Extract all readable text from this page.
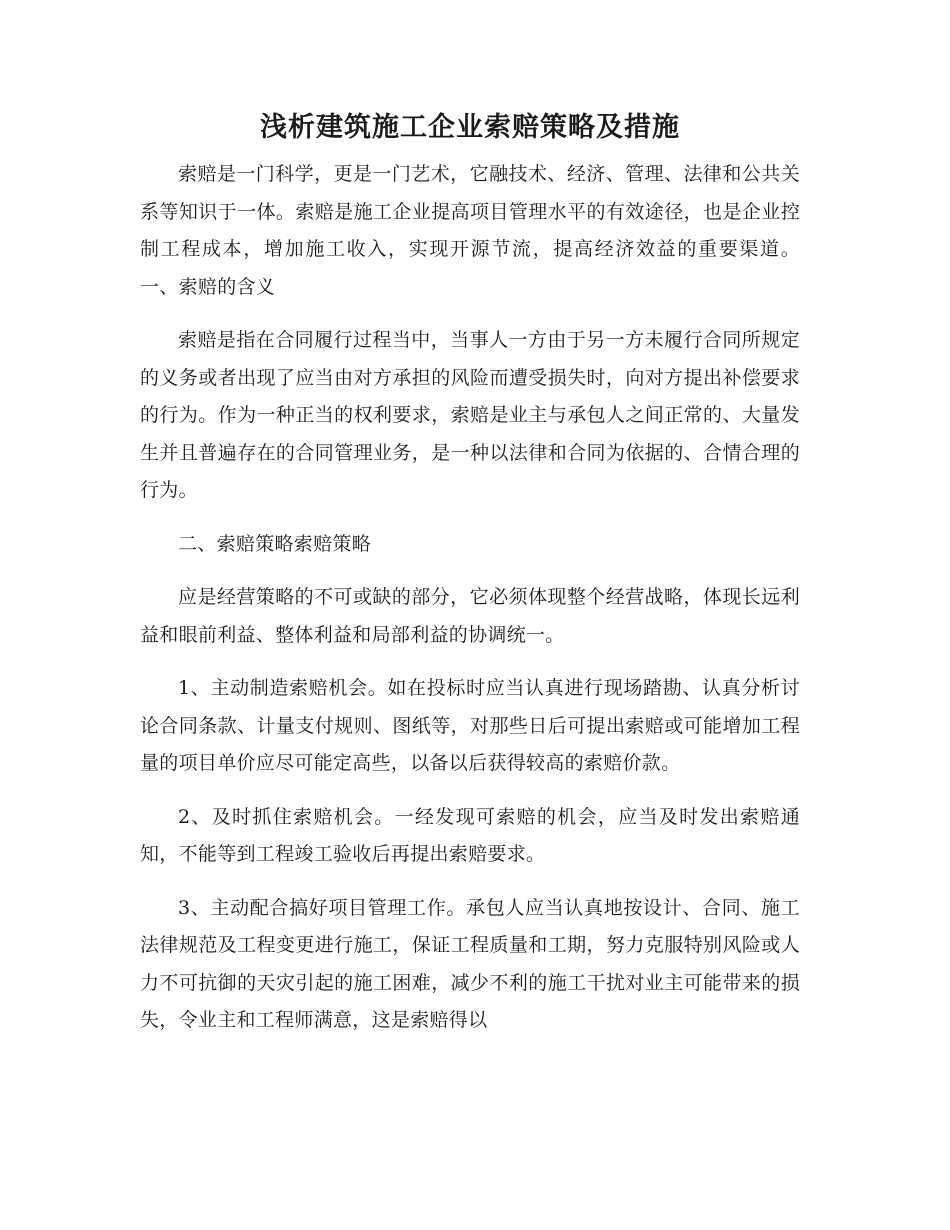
浅析建筑施工企业索赔策略及措施

索赔是一门科学，更是一门艺术，它融技术、经济、管理、法律和公共关系等知识于一体。索赔是施工企业提高项目管理水平的有效途径，也是企业控制工程成本，增加施工收入，实现开源节流，提高经济效益的重要渠道。 一、索赔的含义

索赔是指在合同履行过程当中，当事人一方由于另一方未履行合同所规定的义务或者出现了应当由对方承担的风险而遭受损失时，向对方提出补偿要求的行为。作为一种正当的权利要求，索赔是业主与承包人之间正常的、大量发生并且普遍存在的合同管理业务，是一种以法律和合同为依据的、合情合理的行为。

二、索赔策略索赔策略

应是经营策略的不可或缺的部分，它必须体现整个经营战略，体现长远利益和眼前利益、整体利益和局部利益的协调统一。

1、主动制造索赔机会。如在投标时应当认真进行现场踏勘、认真分析讨论合同条款、计量支付规则、图纸等，对那些日后可提出索赔或可能增加工程量的项目单价应尽可能定高些，以备以后获得较高的索赔价款。

2、及时抓住索赔机会。一经发现可索赔的机会，应当及时发出索赔通知，不能等到工程竣工验收后再提出索赔要求。

3、主动配合搞好项目管理工作。承包人应当认真地按设计、合同、施工法律规范及工程变更进行施工，保证工程质量和工期，努力克服特别风险或人力不可抗御的天灾引起的施工困难，减少不利的施工干扰对业主可能带来的损失，令业主和工程师满意，这是索赔得以
